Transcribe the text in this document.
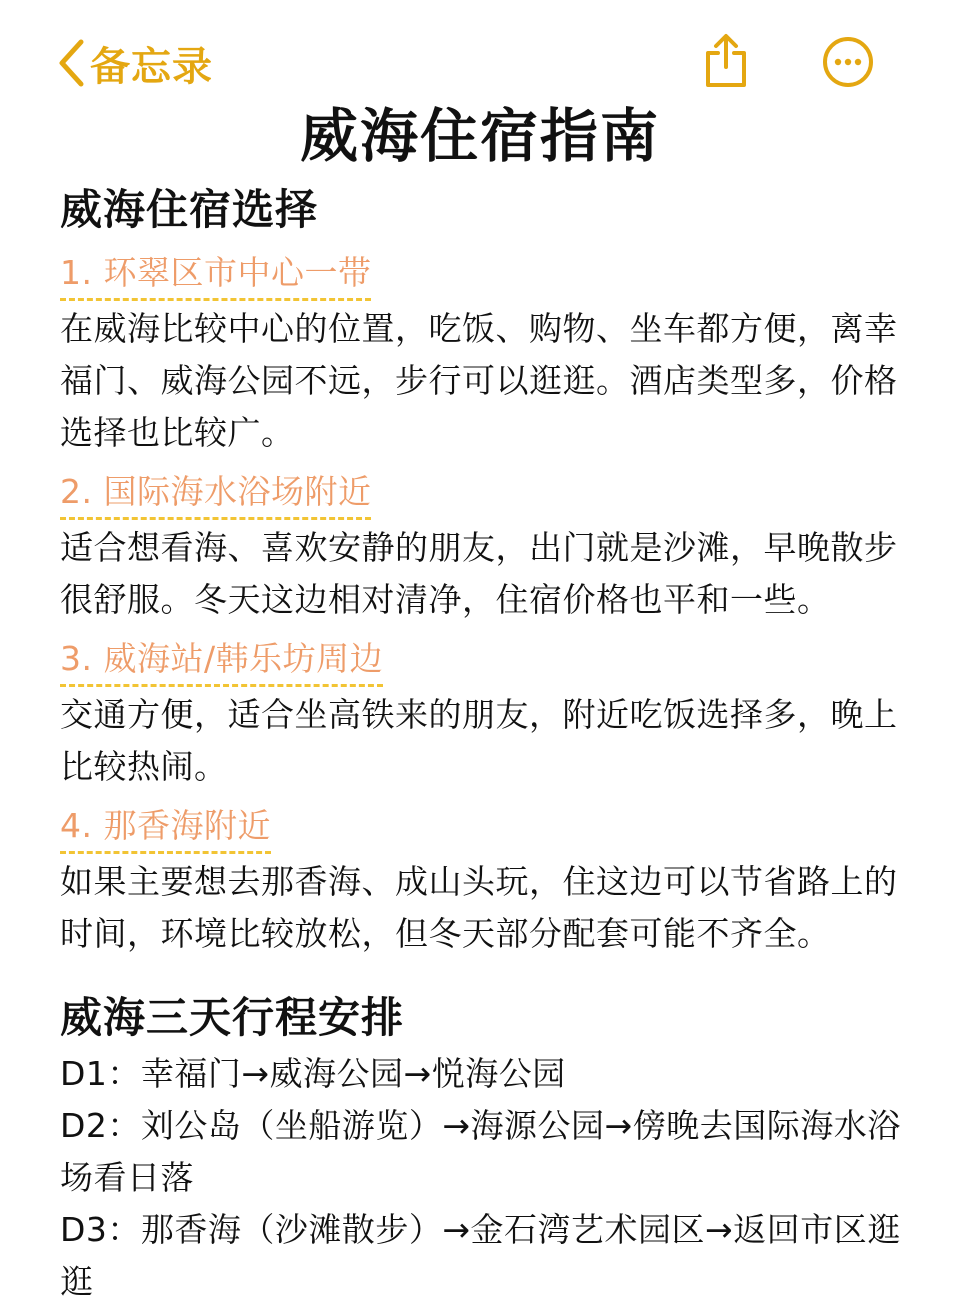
备忘录
威海住宿指南
威海住宿选择
1. 环翠区市中心一带

在威海比较中心的位置，吃饭、购物、坐车都方便，离幸福门、威海公园不远，步行可以逛逛。酒店类型多，价格选择也比较广。

2. 国际海水浴场附近

适合想看海、喜欢安静的朋友，出门就是沙滩，早晚散步很舒服。冬天这边相对清净，住宿价格也平和一些。

3. 威海站/韩乐坊周边

交通方便，适合坐高铁来的朋友，附近吃饭选择多，晚上比较热闹。

4. 那香海附近

如果主要想去那香海、成山头玩，住这边可以节省路上的时间，环境比较放松，但冬天部分配套可能不齐全。

威海三天行程安排
D1：幸福门→威海公园→悦海公园
D2：刘公岛（坐船游览）→海源公园→傍晚去国际海水浴场看日落
D3：那香海（沙滩散步）→金石湾艺术园区→返回市区逛逛
